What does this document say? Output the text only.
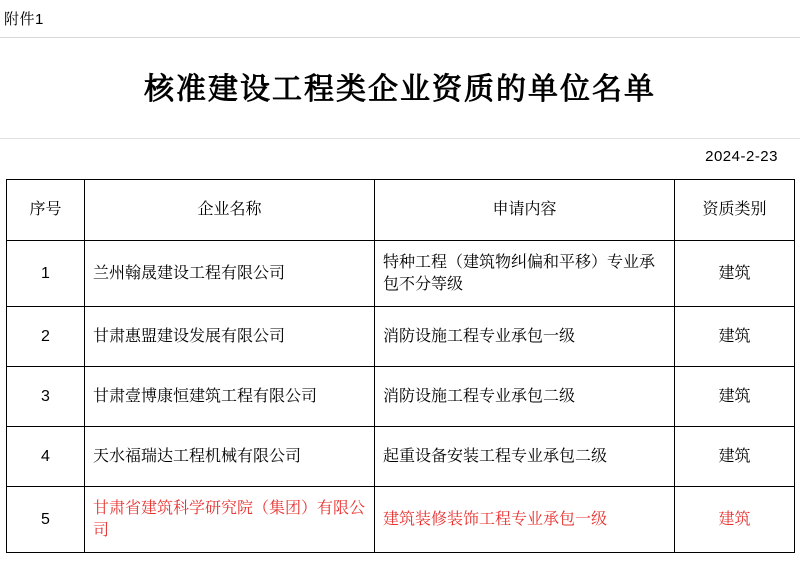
附件1
核准建设工程类企业资质的单位名单
2024-2-23
序号	企业名称	申请内容	资质类别
1	兰州翰晟建设工程有限公司	特种工程（建筑物纠偏和平移）专业承包不分等级	建筑
2	甘肃惠盟建设发展有限公司	消防设施工程专业承包一级	建筑
3	甘肃壹博康恒建筑工程有限公司	消防设施工程专业承包二级	建筑
4	天水福瑞达工程机械有限公司	起重设备安装工程专业承包二级	建筑
5	甘肃省建筑科学研究院（集团）有限公司	建筑装修装饰工程专业承包一级	建筑
